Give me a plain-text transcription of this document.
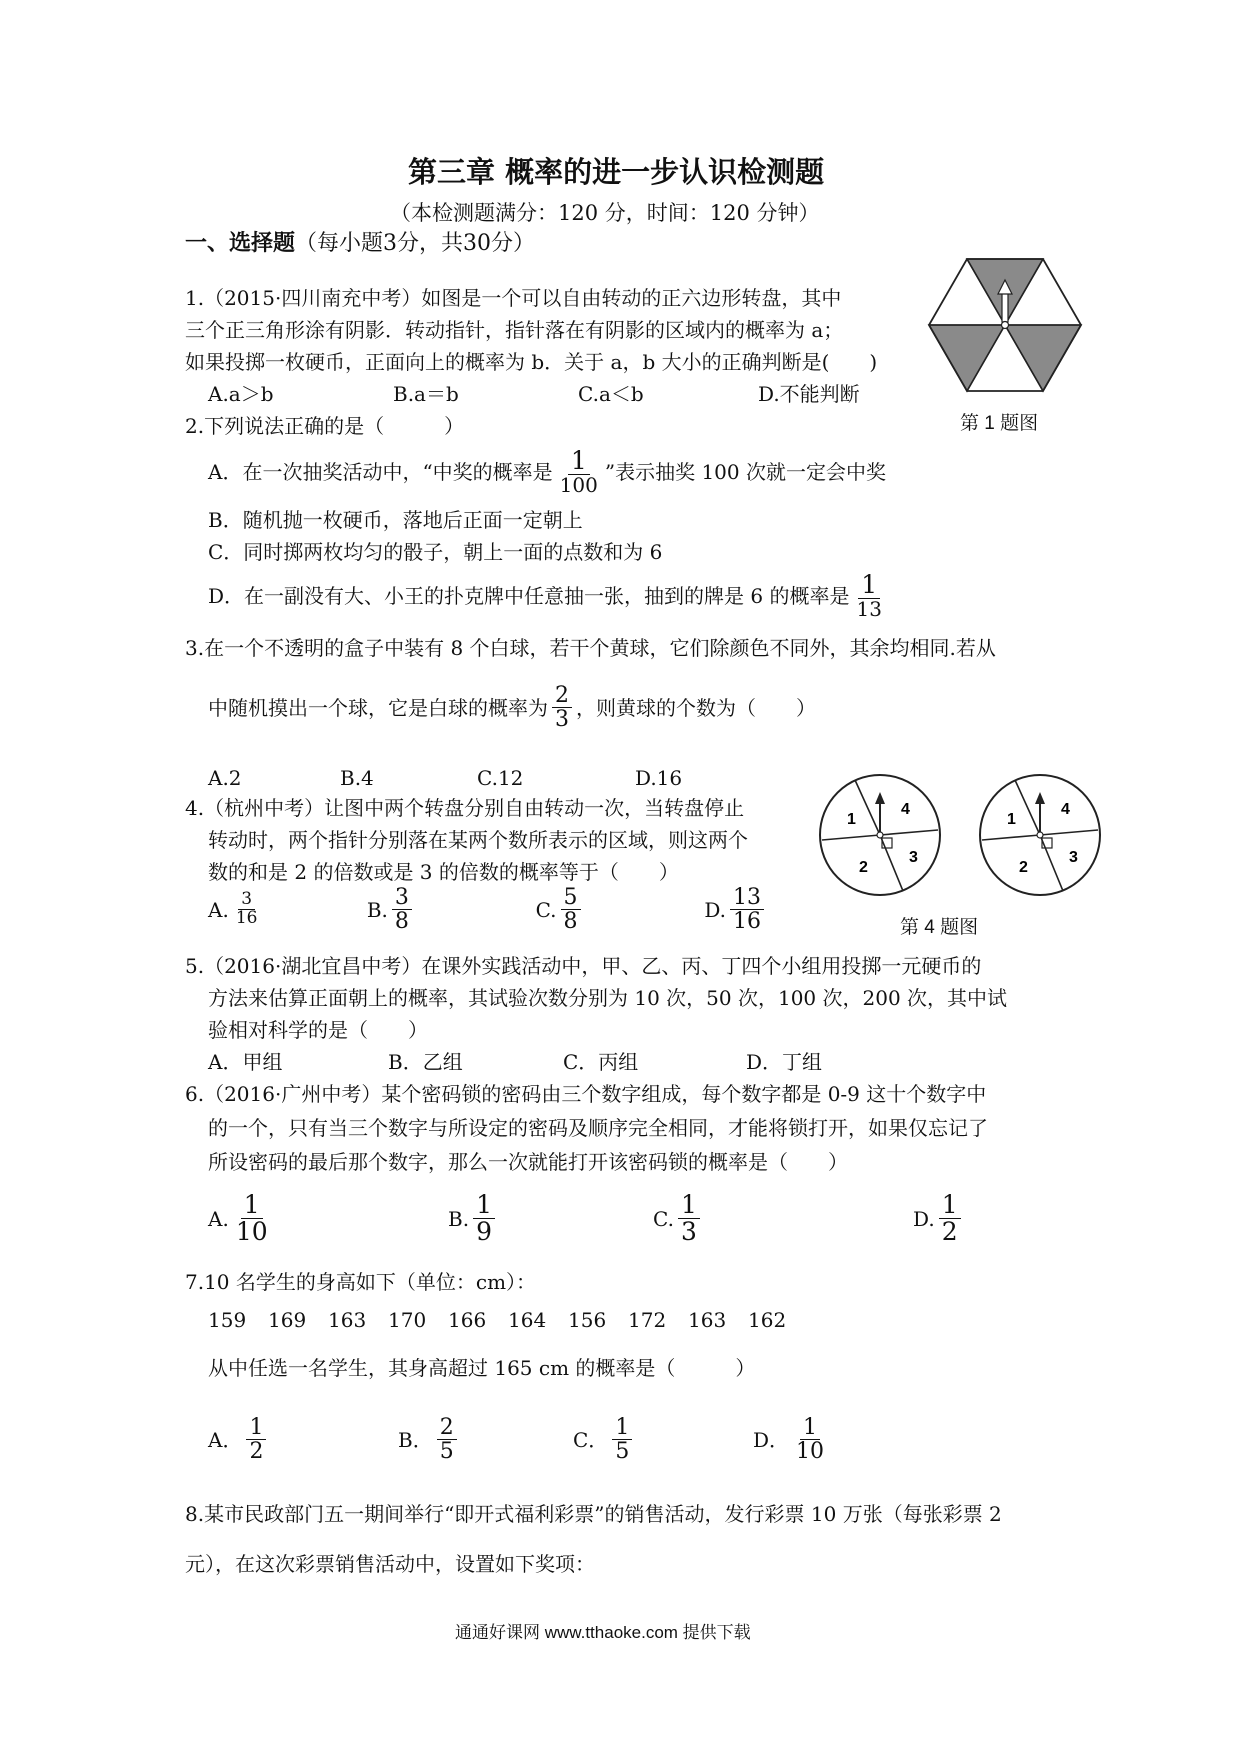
第三章 概率的进一步认识检测题
（本检测题满分：120 分，时间：120 分钟）
一、选择题（每小题3分，共30分）
1.（2015·四川南充中考）如图是一个可以自由转动的正六边形转盘，其中
三个正三角形涂有阴影．转动指针，指针落在有阴影的区域内的概率为 a；
如果投掷一枚硬币，正面向上的概率为 b．关于 a，b 大小的正确判断是(　　)
A.a＞b	B.a＝b	C.a＜b	D.不能判断
第 1 题图
2.下列说法正确的是（　　　）
A．在一次抽奖活动中，“中奖的概率是 $\frac{1}{100}$ ”表示抽奖 100 次就一定会中奖
B．随机抛一枚硬币，落地后正面一定朝上
C．同时掷两枚均匀的骰子，朝上一面的点数和为 6
D．在一副没有大、小王的扑克牌中任意抽一张，抽到的牌是 6 的概率是 $\frac{1}{13}$
3.在一个不透明的盒子中装有 8 个白球，若干个黄球，它们除颜色不同外，其余均相同.若从
中随机摸出一个球，它是白球的概率为 $\frac{2}{3}$ ，则黄球的个数为（　　）
A.2	B.4	C.12	D.16
4.（杭州中考）让图中两个转盘分别自由转动一次，当转盘停止
转动时，两个指针分别落在某两个数所表示的区域，则这两个
数的和是 2 的倍数或是 3 的倍数的概率等于（　　）
A. $\frac{3}{16}$	B. $\frac{3}{8}$	C. $\frac{5}{8}$	D. $\frac{13}{16}$
1
2
3
4
1
2
3
4
第 4 题图
5.（2016·湖北宜昌中考）在课外实践活动中，甲、乙、丙、丁四个小组用投掷一元硬币的
方法来估算正面朝上的概率，其试验次数分别为 10 次，50 次，100 次，200 次，其中试
验相对科学的是（　　）
A．甲组	B．乙组	C．丙组	D．丁组
6.（2016·广州中考）某个密码锁的密码由三个数字组成，每个数字都是 0-9 这十个数字中
的一个，只有当三个数字与所设定的密码及顺序完全相同，才能将锁打开，如果仅忘记了
所设密码的最后那个数字，那么一次就能打开该密码锁的概率是（　　）
A. $\frac{1}{10}$	B. $\frac{1}{9}$	C. $\frac{1}{3}$	D. $\frac{1}{2}$
7.10 名学生的身高如下（单位：cm）：
159	169	163	170	166	164	156	172	163	162
从中任选一名学生，其身高超过 165 cm 的概率是（　　　）
A． $\frac{1}{2}$	B． $\frac{2}{5}$	C． $\frac{1}{5}$	D． $\frac{1}{10}$
8.某市民政部门五一期间举行“即开式福利彩票”的销售活动，发行彩票 10 万张（每张彩票 2
元），在这次彩票销售活动中，设置如下奖项：
通通好课网 www.tthaoke.com 提供下载
